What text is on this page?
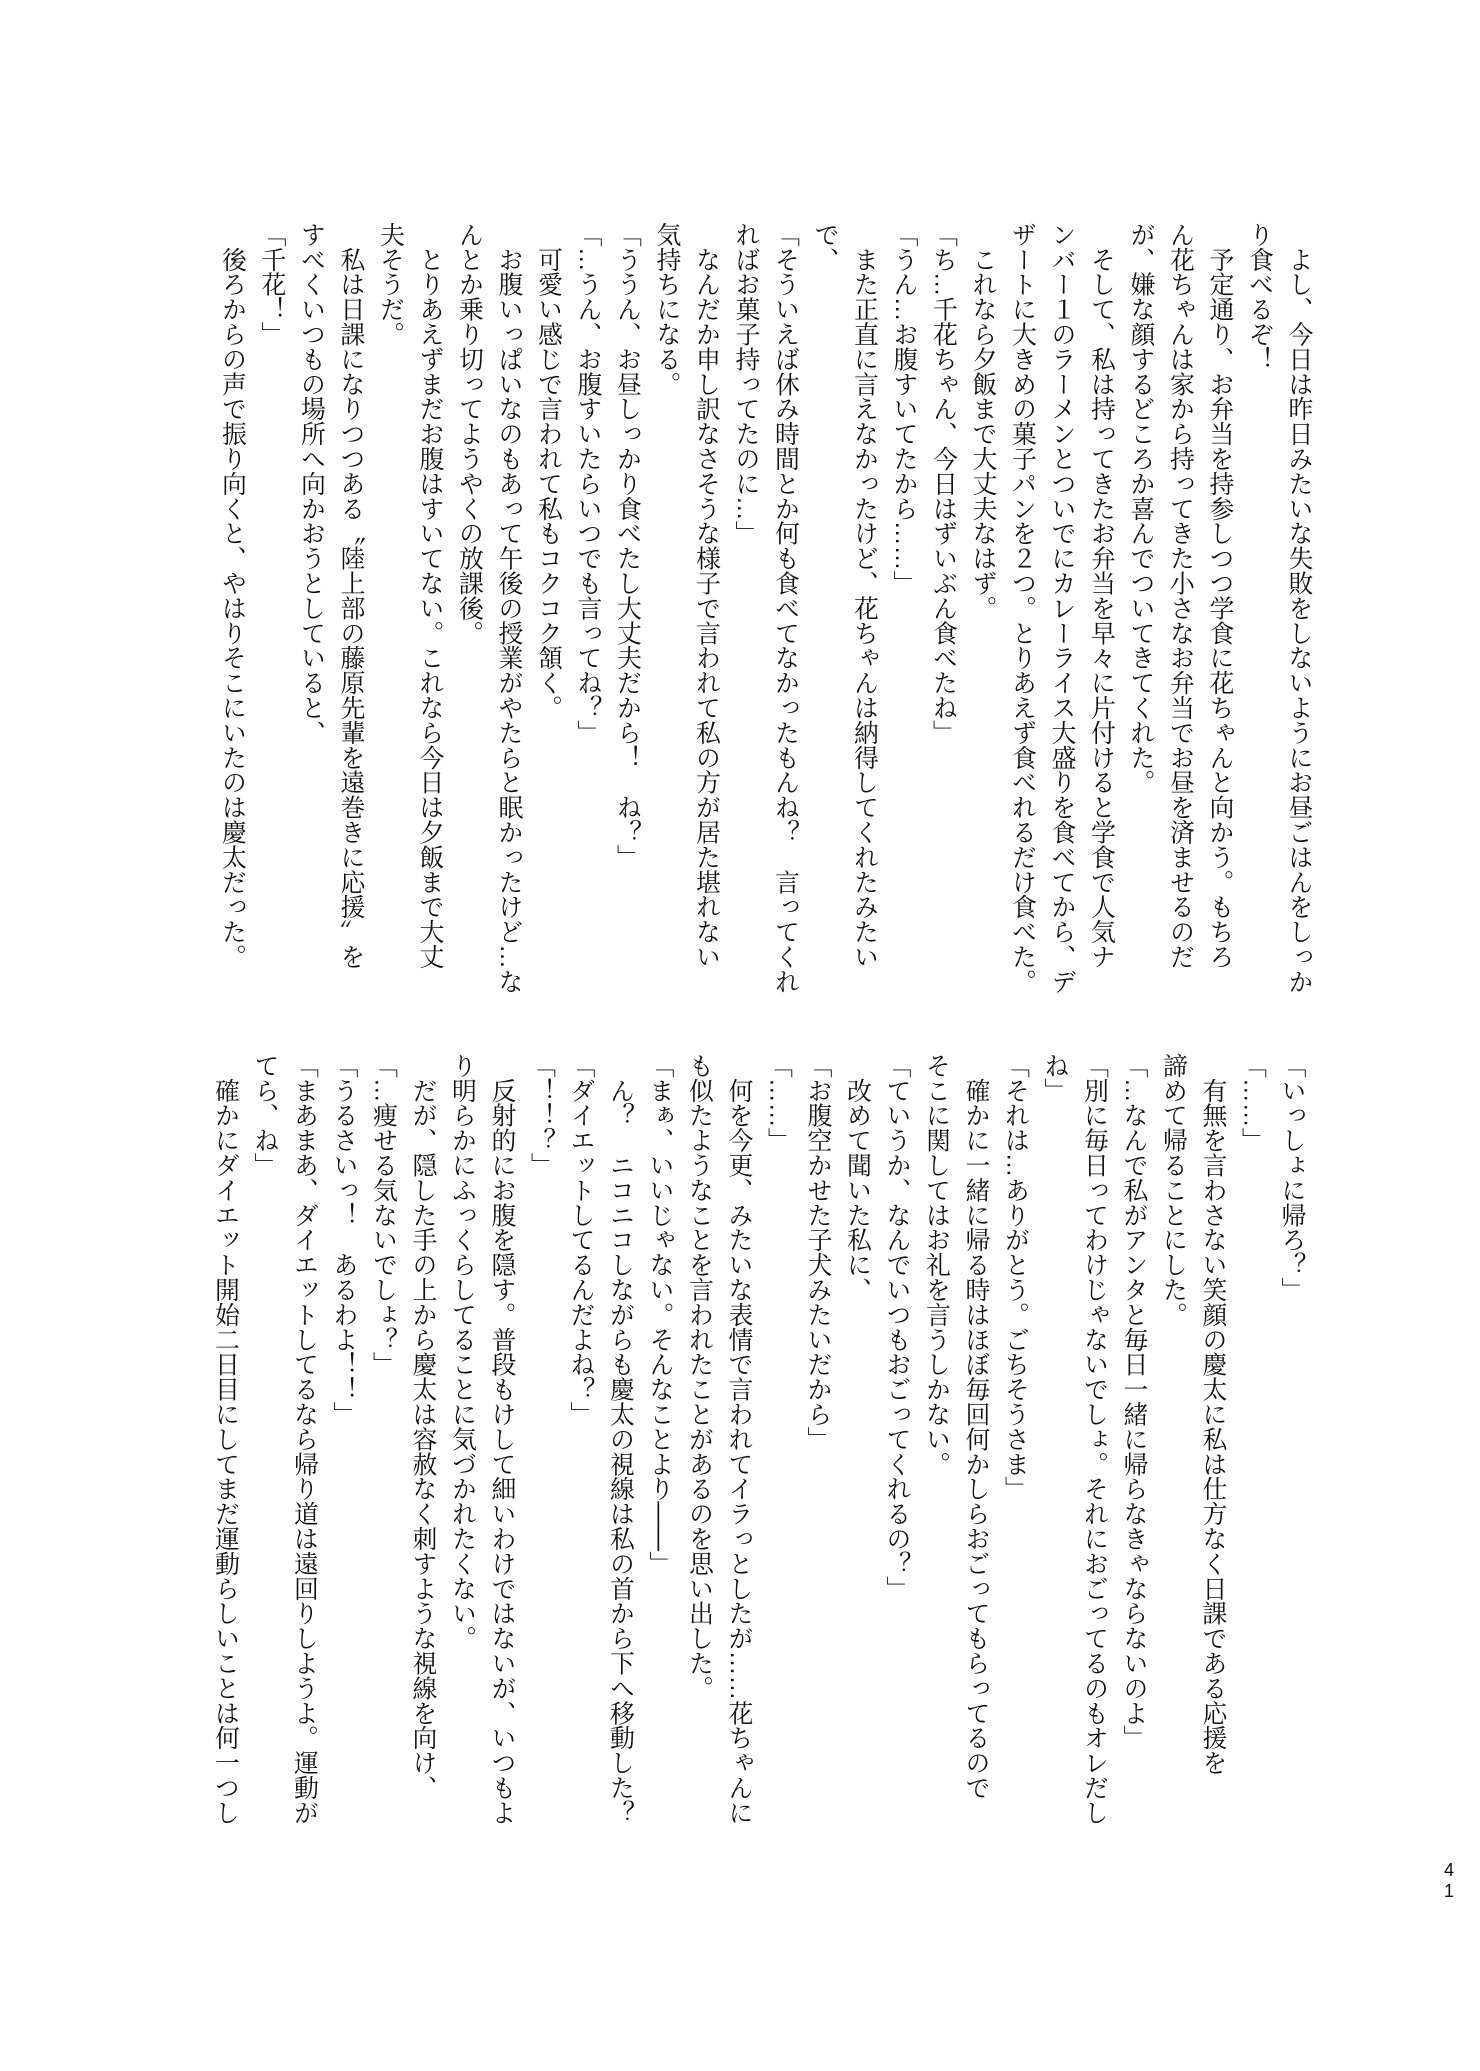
　よし、今日は昨日みたいな失敗をしないようにお昼ごはんをしっか

り食べるぞ！

　予定通り、お弁当を持参しつつ学食に花ちゃんと向かう。もちろ

ん花ちゃんは家から持ってきた小さなお弁当でお昼を済ませるのだ

が、嫌な顔するどころか喜んでついてきてくれた。

　そして、私は持ってきたお弁当を早々に片付けると学食で人気ナ

ンバー１のラーメンとついでにカレーライス大盛りを食べてから、デ

ザートに大きめの菓子パンを２つ。とりあえず食べれるだけ食べた。

　これなら夕飯まで大丈夫なはず。

「ち…千花ちゃん、今日はずいぶん食べたね」

「うん…お腹すいてたから……」

　また正直に言えなかったけど、花ちゃんは納得してくれたみたい

で、

「そういえば休み時間とか何も食べてなかったもんね？　言ってくれ

ればお菓子持ってたのに…」

　なんだか申し訳なさそうな様子で言われて私の方が居た堪れない

気持ちになる。

「ううん、お昼しっかり食べたし大丈夫だから！　ね？」

「…うん、お腹すいたらいつでも言ってね？」

　可愛い感じで言われて私もコクコク頷く。

　お腹いっぱいなのもあって午後の授業がやたらと眠かったけど…な

んとか乗り切ってようやくの放課後。

　とりあえずまだお腹はすいてない。これなら今日は夕飯まで大丈

夫そうだ。

　私は日課になりつつある〝陸上部の藤原先輩を遠巻きに応援〟を

すべくいつもの場所へ向かおうとしていると、

「千花！」

　後ろからの声で振り向くと、やはりそこにいたのは慶太だった。

「いっしょに帰ろ？」

「……」

　有無を言わさない笑顔の慶太に私は仕方なく日課である応援を

諦めて帰ることにした。

「…なんで私がアンタと毎日一緒に帰らなきゃならないのよ」

「別に毎日ってわけじゃないでしょ。それにおごってるのもオレだし

ね」

「それは…ありがとう。ごちそうさま」

　確かに一緒に帰る時はほぼ毎回何かしらおごってもらってるので

そこに関してはお礼を言うしかない。

「ていうか、なんでいつもおごってくれるの？」

　改めて聞いた私に、

「お腹空かせた子犬みたいだから」

「……」

　何を今更、みたいな表情で言われてイラっとしたが……花ちゃんに

も似たようなことを言われたことがあるのを思い出した。

「まぁ、いいじゃない。そんなことより――」

　ん？　ニコニコしながらも慶太の視線は私の首から下へ移動した？

「ダイエットしてるんだよね？」

「！！？」

　反射的にお腹を隠す。普段もけして細いわけではないが、いつもよ

り明らかにふっくらしてることに気づかれたくない。

　だが、隠した手の上から慶太は容赦なく刺すような視線を向け、

「…痩せる気ないでしょ？」

「うるさいっ！　あるわよ！！」

「まあまあ、ダイエットしてるなら帰り道は遠回りしようよ。運動が

てら、ね」

　確かにダイエット開始二日目にしてまだ運動らしいことは何一つし

41
